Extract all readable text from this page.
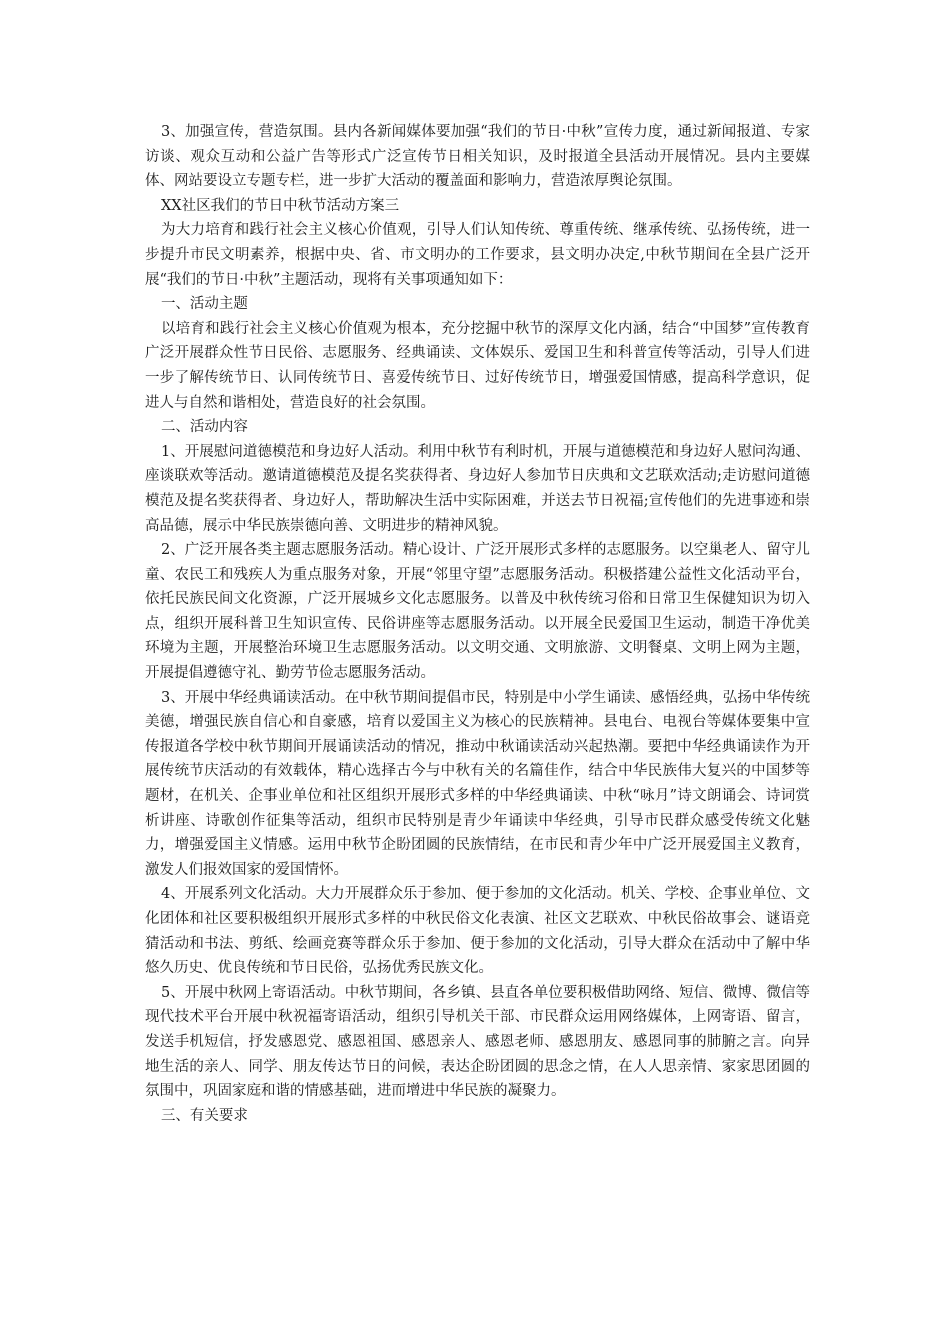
3、加强宣传，营造氛围。县内各新闻媒体要加强“我们的节日·中秋”宣传力度，通过新闻报道、专家访谈、观众互动和公益广告等形式广泛宣传节日相关知识，及时报道全县活动开展情况。县内主要媒体、网站要设立专题专栏，进一步扩大活动的覆盖面和影响力，营造浓厚舆论氛围。

XX社区我们的节日中秋节活动方案三

为大力培育和践行社会主义核心价值观，引导人们认知传统、尊重传统、继承传统、弘扬传统，进一步提升市民文明素养，根据中央、省、市文明办的工作要求，县文明办决定,中秋节期间在全县广泛开展“我们的节日·中秋”主题活动，现将有关事项通知如下：

一、活动主题

以培育和践行社会主义核心价值观为根本，充分挖掘中秋节的深厚文化内涵，结合“中国梦”宣传教育广泛开展群众性节日民俗、志愿服务、经典诵读、文体娱乐、爱国卫生和科普宣传等活动，引导人们进一步了解传统节日、认同传统节日、喜爱传统节日、过好传统节日，增强爱国情感，提高科学意识，促进人与自然和谐相处，营造良好的社会氛围。

二、活动内容

1、开展慰问道德模范和身边好人活动。利用中秋节有利时机，开展与道德模范和身边好人慰问沟通、座谈联欢等活动。邀请道德模范及提名奖获得者、身边好人参加节日庆典和文艺联欢活动;走访慰问道德模范及提名奖获得者、身边好人，帮助解决生活中实际困难，并送去节日祝福;宣传他们的先进事迹和崇高品德，展示中华民族崇德向善、文明进步的精神风貌。

2、广泛开展各类主题志愿服务活动。精心设计、广泛开展形式多样的志愿服务。以空巢老人、留守儿童、农民工和残疾人为重点服务对象，开展“邻里守望”志愿服务活动。积极搭建公益性文化活动平台，依托民族民间文化资源，广泛开展城乡文化志愿服务。以普及中秋传统习俗和日常卫生保健知识为切入点，组织开展科普卫生知识宣传、民俗讲座等志愿服务活动。以开展全民爱国卫生运动，制造干净优美环境为主题，开展整治环境卫生志愿服务活动。以文明交通、文明旅游、文明餐桌、文明上网为主题，开展提倡遵德守礼、勤劳节俭志愿服务活动。

3、开展中华经典诵读活动。在中秋节期间提倡市民，特别是中小学生诵读、感悟经典，弘扬中华传统美德，增强民族自信心和自豪感，培育以爱国主义为核心的民族精神。县电台、电视台等媒体要集中宣传报道各学校中秋节期间开展诵读活动的情况，推动中秋诵读活动兴起热潮。要把中华经典诵读作为开展传统节庆活动的有效载体，精心选择古今与中秋有关的名篇佳作，结合中华民族伟大复兴的中国梦等题材，在机关、企事业单位和社区组织开展形式多样的中华经典诵读、中秋“咏月”诗文朗诵会、诗词赏析讲座、诗歌创作征集等活动，组织市民特别是青少年诵读中华经典，引导市民群众感受传统文化魅力，增强爱国主义情感。运用中秋节企盼团圆的民族情结，在市民和青少年中广泛开展爱国主义教育，激发人们报效国家的爱国情怀。

4、开展系列文化活动。大力开展群众乐于参加、便于参加的文化活动。机关、学校、企事业单位、文化团体和社区要积极组织开展形式多样的中秋民俗文化表演、社区文艺联欢、中秋民俗故事会、谜语竞猜活动和书法、剪纸、绘画竞赛等群众乐于参加、便于参加的文化活动，引导大群众在活动中了解中华悠久历史、优良传统和节日民俗，弘扬优秀民族文化。

5、开展中秋网上寄语活动。中秋节期间，各乡镇、县直各单位要积极借助网络、短信、微博、微信等现代技术平台开展中秋祝福寄语活动，组织引导机关干部、市民群众运用网络媒体，上网寄语、留言，发送手机短信，抒发感恩党、感恩祖国、感恩亲人、感恩老师、感恩朋友、感恩同事的肺腑之言。向异地生活的亲人、同学、朋友传达节日的问候，表达企盼团圆的思念之情，在人人思亲情、家家思团圆的氛围中，巩固家庭和谐的情感基础，进而增进中华民族的凝聚力。

三、有关要求
